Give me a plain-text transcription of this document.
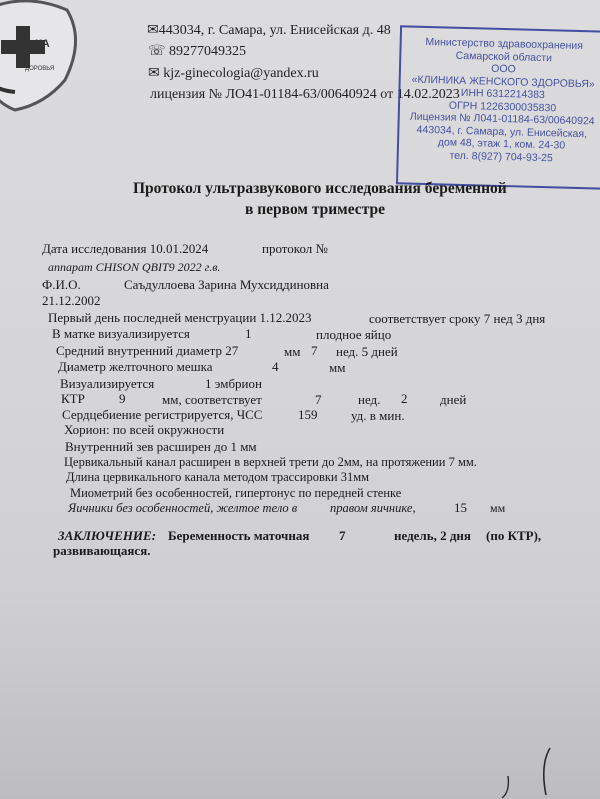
КА
ДОРОВЬЯ
✉443034, г. Самара, ул. Енисейская д. 48
☏ 89277049325
✉ kjz-ginecologia@yandex.ru
лицензия № ЛО41-01184-63/00640924 от 14.02.2023
Министерство здравоохранения
Самарской области
ООО
«КЛИНИКА ЖЕНСКОГО ЗДОРОВЬЯ»
ИНН 6312214383
ОГРН 1226300035830
Лицензия № Л041-01184-63/00640924
443034, г. Самара, ул. Енисейская,
дом 48, этаж 1, ком. 24-30
тел. 8(927) 704-93-25
Протокол ультразвукового исследования беременной
в первом триместре
Дата исследования 10.01.2024	протокол №
аппарат CHISON QBIT9 2022 г.в.
Ф.И.О.	Саъдуллоева Зарина Мухсиддиновна
21.12.2002
Первый день последней менструации 1.12.2023	соответствует сроку 7 нед 3 дня
В матке визуализируется	1	плодное яйцо
Средний внутренний диаметр 27	мм 7 нед. 5 дней
Диаметр желточного мешка	4	мм
Визуализируется	1 эмбрион
КТР	9	мм, соответствует	7	нед. 2	дней
Сердцебиение регистрируется, ЧСС	159	уд. в мин.
Хорион: по всей окружности
Внутренний зев расширен до 1 мм
Цервикальный канал расширен в верхней трети до 2мм, на протяжении 7 мм.
Длина цервикального канала методом трассировки 31мм
Миометрий без особенностей, гипертонус по передней стенке
Яичники без особенностей, желтое тело в	правом яичнике,	15 мм
ЗАКЛЮЧЕНИЕ: Беременность маточная 7	недель, 2 дня (по КТР),
развивающаяся.
